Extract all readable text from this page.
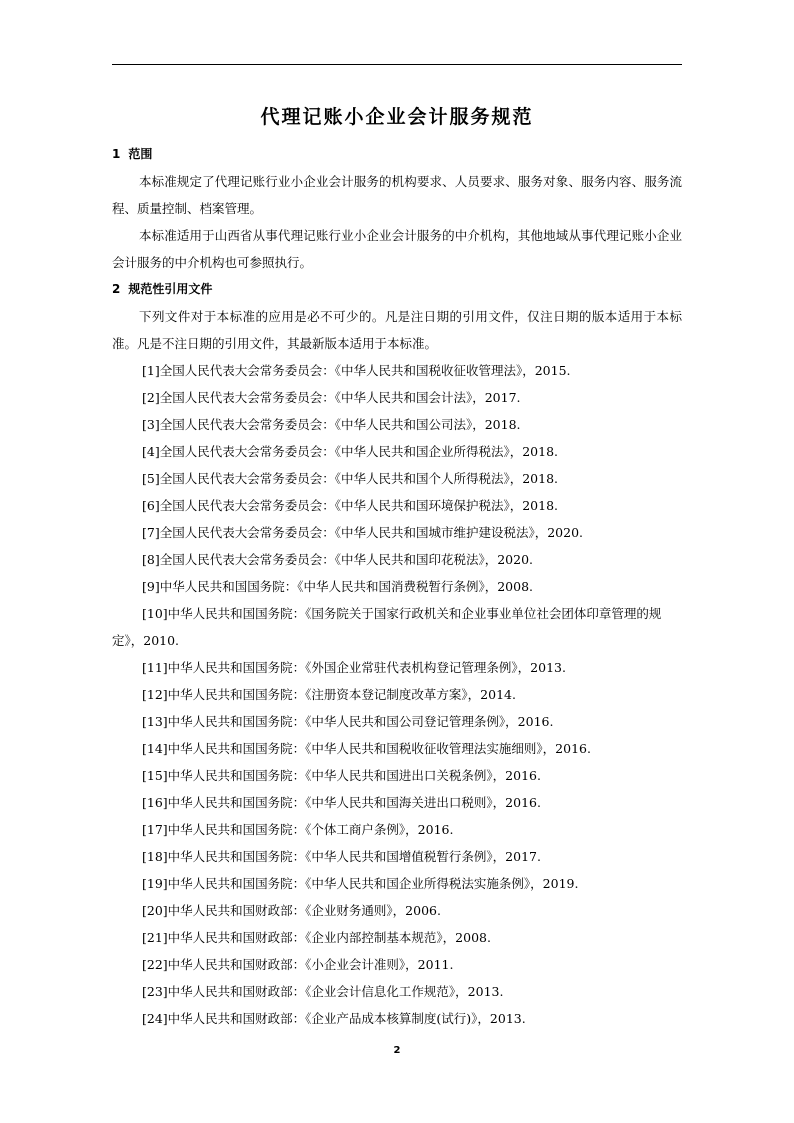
代理记账小企业会计服务规范
1 范围

本标准规定了代理记账行业小企业会计服务的机构要求、人员要求、服务对象、服务内容、服务流程、质量控制、档案管理。

本标准适用于山西省从事代理记账行业小企业会计服务的中介机构，其他地域从事代理记账小企业会计服务的中介机构也可参照执行。

2 规范性引用文件

下列文件对于本标准的应用是必不可少的。凡是注日期的引用文件，仅注日期的版本适用于本标准。凡是不注日期的引用文件，其最新版本适用于本标准。

[1]全国人民代表大会常务委员会：《中华人民共和国税收征收管理法》，2015.
[2]全国人民代表大会常务委员会：《中华人民共和国会计法》，2017.
[3]全国人民代表大会常务委员会：《中华人民共和国公司法》，2018.
[4]全国人民代表大会常务委员会：《中华人民共和国企业所得税法》，2018.
[5]全国人民代表大会常务委员会：《中华人民共和国个人所得税法》，2018.
[6]全国人民代表大会常务委员会：《中华人民共和国环境保护税法》，2018.
[7]全国人民代表大会常务委员会：《中华人民共和国城市维护建设税法》，2020.
[8]全国人民代表大会常务委员会：《中华人民共和国印花税法》，2020.
[9]中华人民共和国国务院：《中华人民共和国消费税暂行条例》，2008.
[10]中华人民共和国国务院：《国务院关于国家行政机关和企业事业单位社会团体印章管理的规定》，2010.
[11]中华人民共和国国务院：《外国企业常驻代表机构登记管理条例》，2013.
[12]中华人民共和国国务院：《注册资本登记制度改革方案》，2014.
[13]中华人民共和国国务院：《中华人民共和国公司登记管理条例》，2016.
[14]中华人民共和国国务院：《中华人民共和国税收征收管理法实施细则》，2016.
[15]中华人民共和国国务院：《中华人民共和国进出口关税条例》，2016.
[16]中华人民共和国国务院：《中华人民共和国海关进出口税则》，2016.
[17]中华人民共和国国务院：《个体工商户条例》，2016.
[18]中华人民共和国国务院：《中华人民共和国增值税暂行条例》，2017.
[19]中华人民共和国国务院：《中华人民共和国企业所得税法实施条例》，2019.
[20]中华人民共和国财政部：《企业财务通则》，2006.
[21]中华人民共和国财政部：《企业内部控制基本规范》，2008.
[22]中华人民共和国财政部：《小企业会计准则》，2011.
[23]中华人民共和国财政部：《企业会计信息化工作规范》，2013.
[24]中华人民共和国财政部：《企业产品成本核算制度(试行)》，2013.
2
